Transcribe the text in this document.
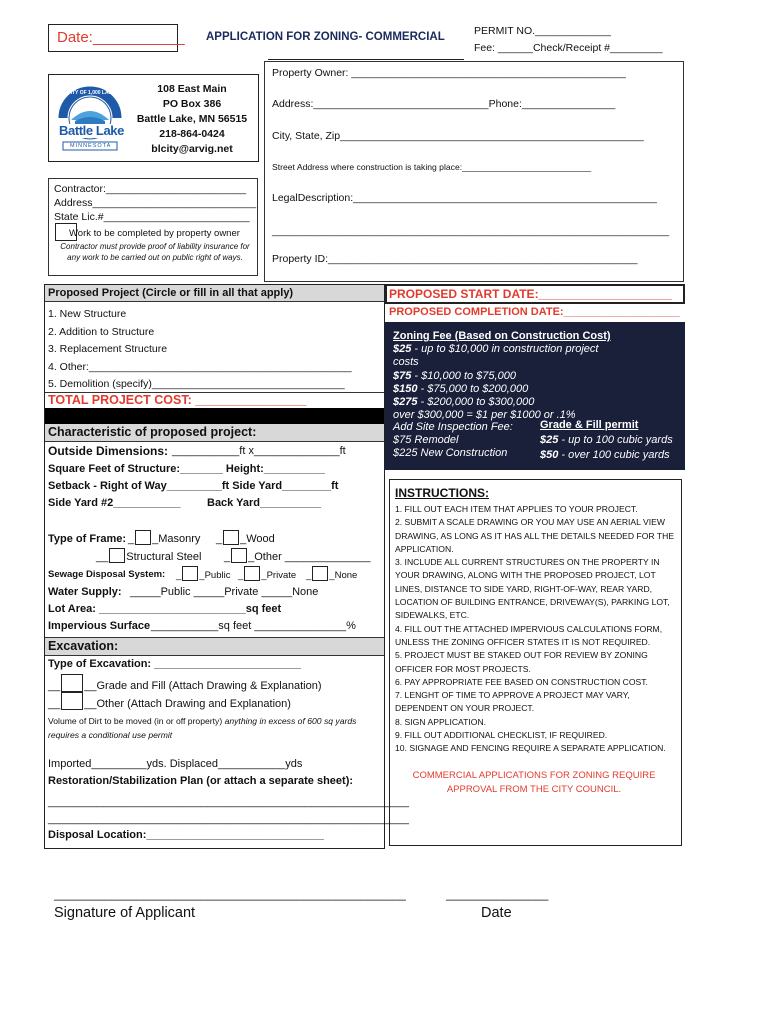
Date:___________ APPLICATION FOR ZONING- COMMERCIAL	PERMIT NO._____________
Fee: ______Check/Receipt #_________
Property Owner: _______________________________________________
Address:______________________________Phone:________________
City, State, Zip____________________________________________________
Street Address where construction is taking place:___________________________
LegalDescription:____________________________________________________
____________________________________________________________________
Property ID:_____________________________________________________
CITY OF 1,000 LAKES
Battle Lake
MINNESOTA
108 East Main
PO Box 386
Battle Lake, MN 56515
218-864-0424
blcity@arvig.net
Contractor:________________________
Address____________________________
State Lic.#_________________________
Work to be completed by property owner
Contractor must provide proof of liability insurance for any work to be carried out on public right of ways.
Proposed Project (Circle or fill in all that apply)
1. New Structure
2. Addition to Structure
3. Replacement Structure
4. Other:_____________________________________________
5. Demolition (specify)_________________________________
TOTAL PROJECT COST: ________________
Characteristic of proposed project:
Outside Dimensions: ___________ft x______________ft
Square Feet of Structure:_______ Height:__________
Setback - Right of Way_________ft Side Yard________ft
Side Yard #2___________ Back Yard__________
Type of Frame: _ _Masonry _ _Wood
__ Structural Steel _ _Other ______________
Sewage Disposal System: _ _Public _ _Private _ _None
Water Supply: _____Public _____Private _____None
Lot Area: ________________________sq feet
Impervious Surface ___________sq feet _______________%
Excavation:
Type of Excavation: ________________________
__ __Grade and Fill (Attach Drawing & Explanation)
__ __Other (Attach Drawing and Explanation)
Volume of Dirt to be moved (in or off property) anything in excess of 600 sq yards requires a conditional use permit
Imported_________yds. Displaced___________yds
Restoration/Stabilization Plan (or attach a separate sheet):
___________________________________________________________
___________________________________________________________
Disposal Location:_____________________________
PROPOSED START DATE:____________________
PROPOSED COMPLETION DATE:___________________
Zoning Fee (Based on Construction Cost)
$25 - up to $10,000 in construction project costs
$75 - $10,000 to $75,000
$150 - $75,000 to $200,000
$275 - $200,000 to $300,000
over $300,000 = $1 per $1000 or .1%
Add Site Inspection Fee:
$75 Remodel
$225 New Construction
Grade & Fill permit
$25 - up to 100 cubic yards
$50 - over 100 cubic yards
INSTRUCTIONS:
1. FILL OUT EACH ITEM THAT APPLIES TO YOUR PROJECT.
2. SUBMIT A SCALE DRAWING OR YOU MAY USE AN AERIAL VIEW DRAWING, AS LONG AS IT HAS ALL THE DETAILS NEEDED FOR THE APPLICATION.
3. INCLUDE ALL CURRENT STRUCTURES ON THE PROPERTY IN YOUR DRAWING, ALONG WITH THE PROPOSED PROJECT, LOT LINES, DISTANCE TO SIDE YARD, RIGHT-OF-WAY, REAR YARD, LOCATION OF BUILDING ENTRANCE, DRIVEWAY(S), PARKING LOT, SIDEWALKS, ETC.
4. FILL OUT THE ATTACHED IMPERVIOUS CALCULATIONS FORM, UNLESS THE ZONING OFFICER STATES IT IS NOT REQUIRED.
5. PROJECT MUST BE STAKED OUT FOR REVIEW BY ZONING OFFICER FOR MOST PROJECTS.
6. PAY APPROPRIATE FEE BASED ON CONSTRUCTION COST.
7. LENGHT OF TIME TO APPROVE A PROJECT MAY VARY, DEPENDENT ON YOUR PROJECT.
8. SIGN APPLICATION.
9. FILL OUT ADDITIONAL CHECKLIST, IF REQUIRED.
10. SIGNAGE AND FENCING REQUIRE A SEPARATE APPLICATION.
COMMERCIAL APPLICATIONS FOR ZONING REQUIRE APPROVAL FROM THE CITY COUNCIL.
_______________________________________________________	________________
Signature of Applicant	Date
